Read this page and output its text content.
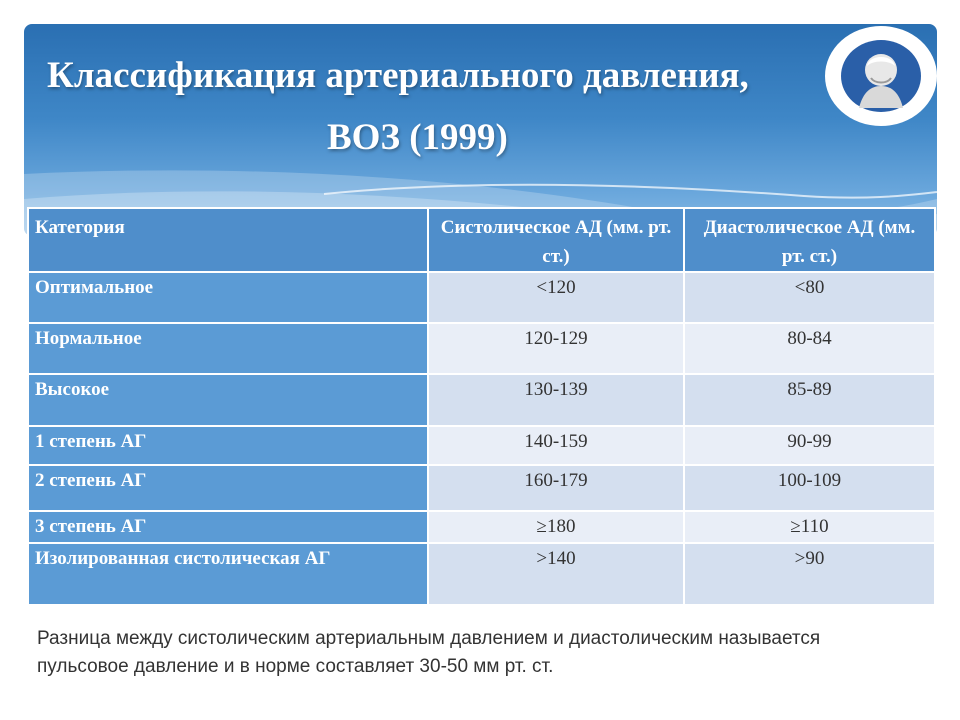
Классификация артериального давления,
ВОЗ (1999)
Категория	Систолическое АД (мм. рт. ст.)	Диастолическое АД (мм. рт. ст.)
Оптимальное	<120	<80
Нормальное	120-129	80-84
Высокое	130-139	85-89
1 степень АГ	140-159	90-99
2 степень АГ	160-179	100-109
3 степень АГ	≥180	≥110
Изолированная систолическая АГ	>140	>90
Разница между систолическим артериальным давлением и диастолическим называется пульсовое давление и в норме составляет 30-50 мм рт. ст.
